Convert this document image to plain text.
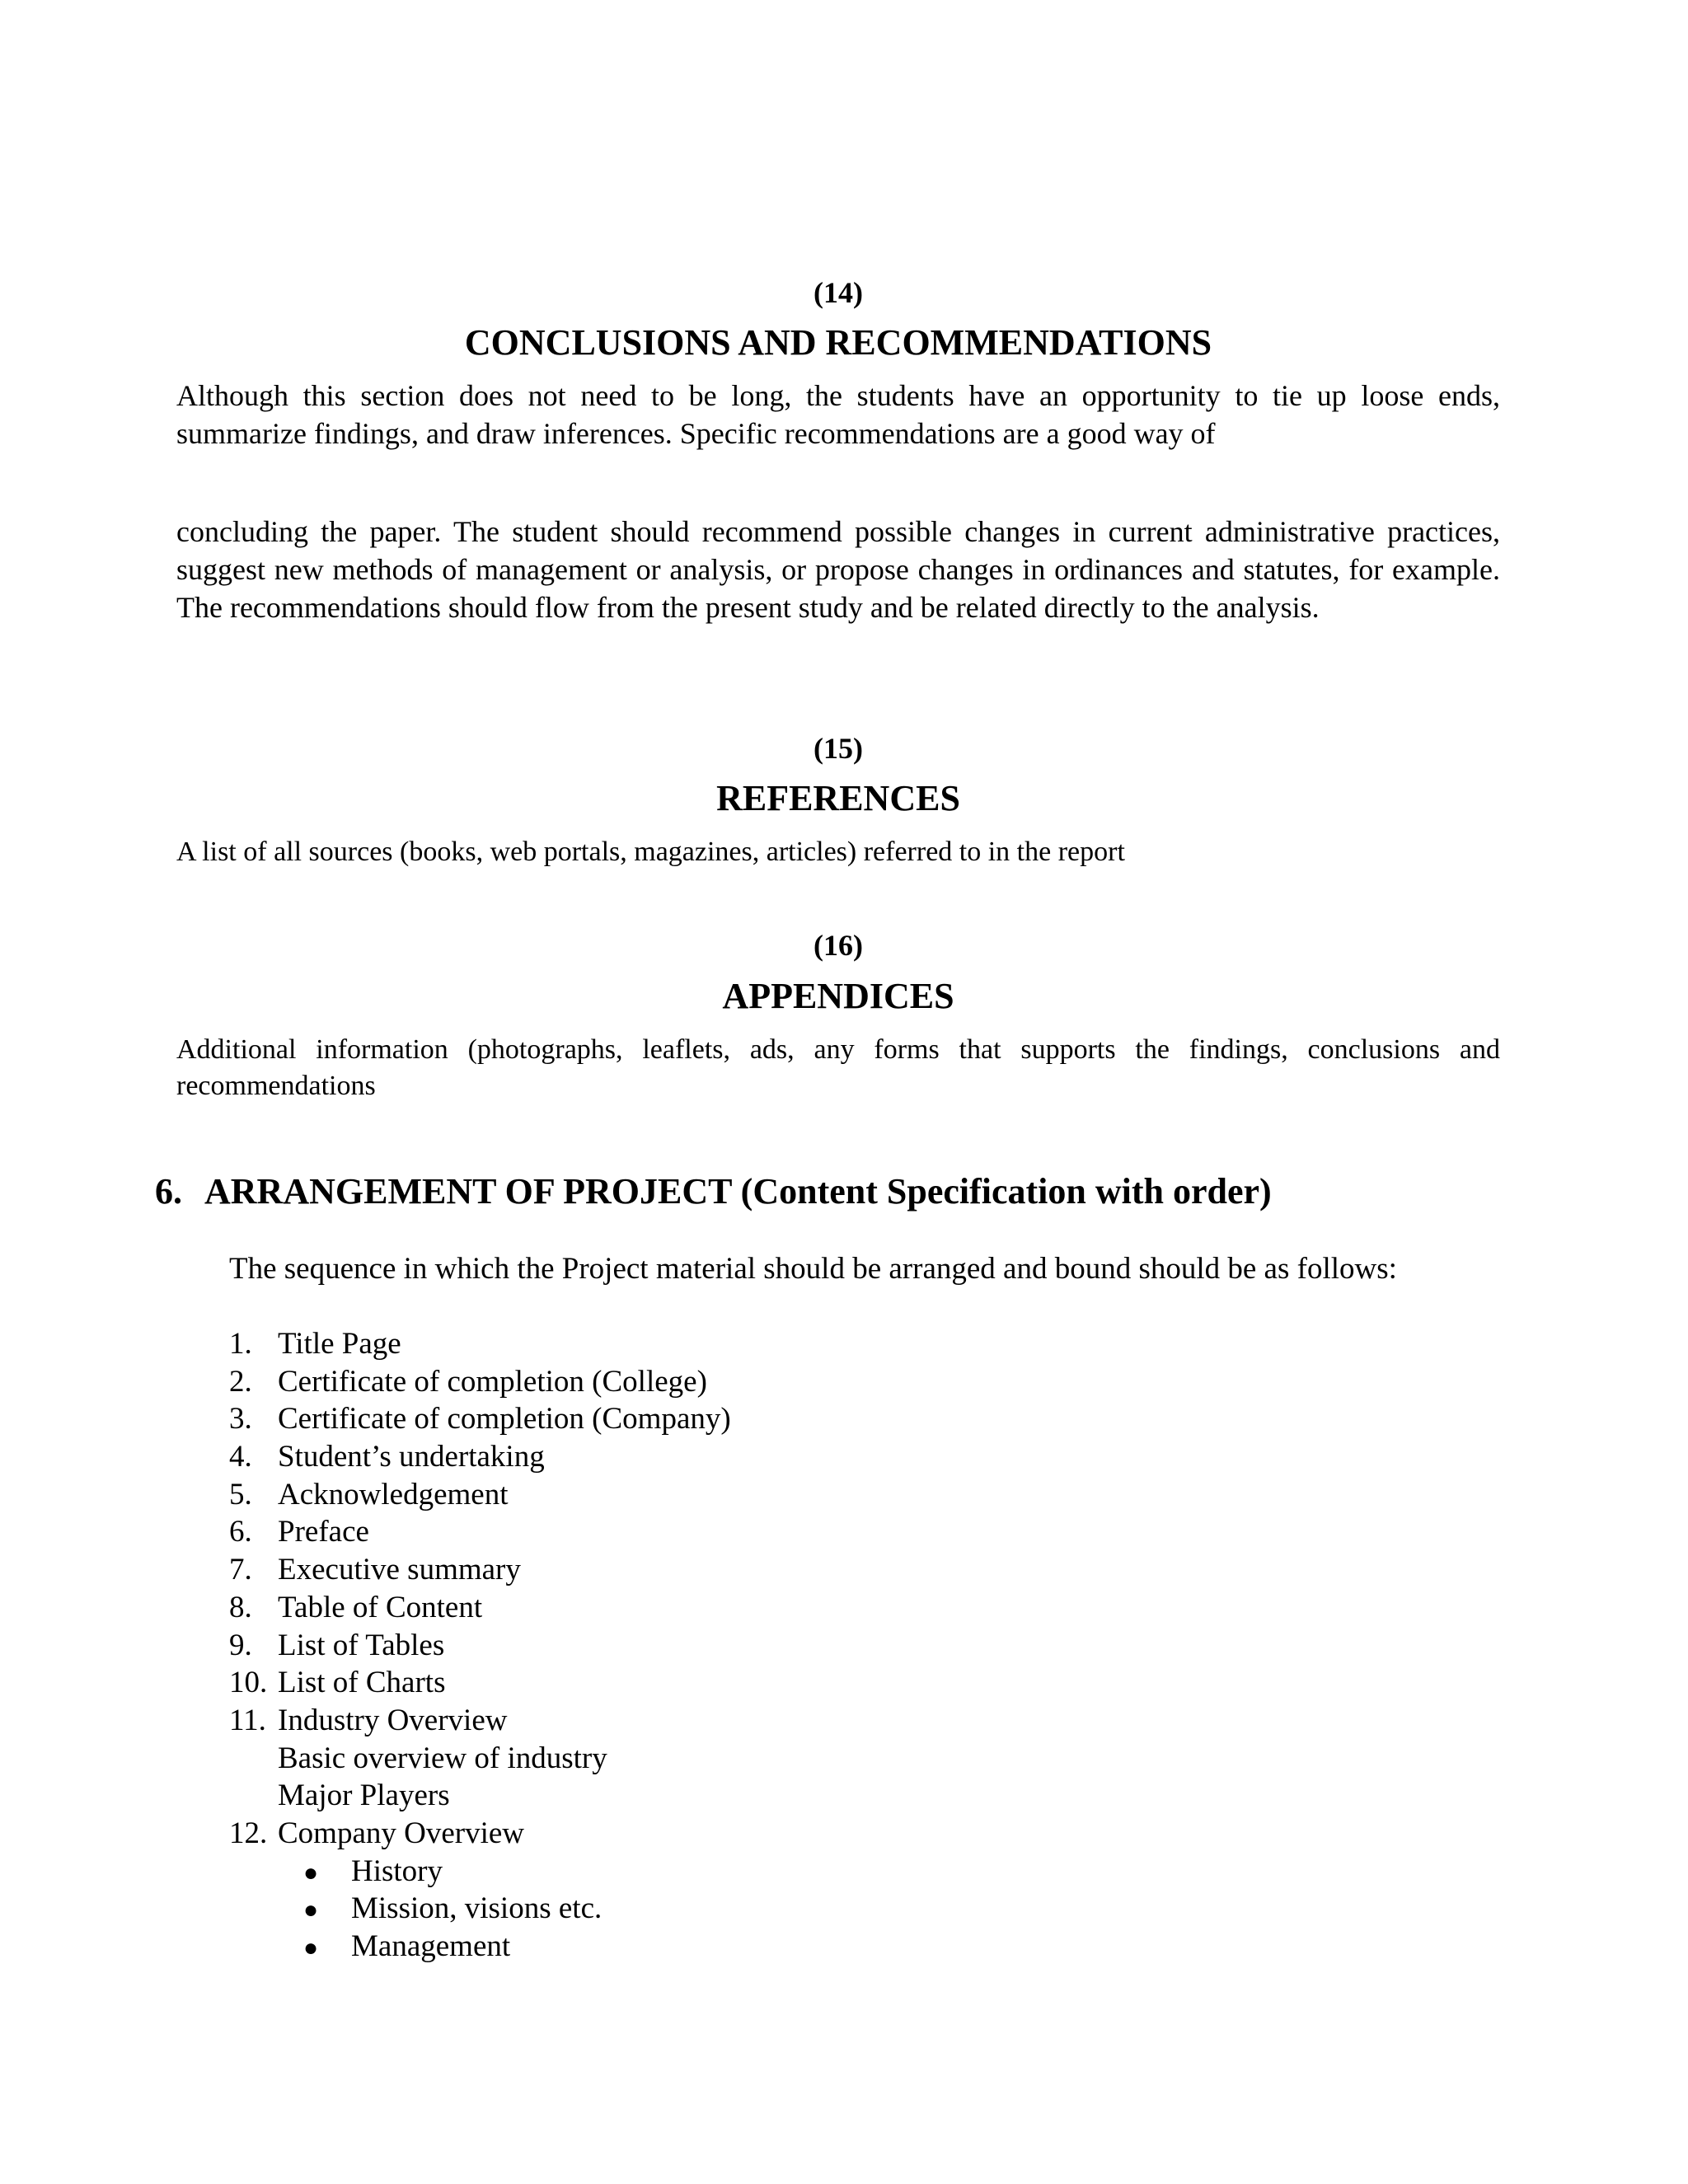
(14)
CONCLUSIONS AND RECOMMENDATIONS

Although this section does not need to be long, the students have an opportunity to tie up loose ends, summarize findings, and draw inferences. Specific recommendations are a good way of

concluding the paper. The student should recommend possible changes in current administrative practices, suggest new methods of management or analysis, or propose changes in ordinances and statutes, for example. The recommendations should flow from the present study and be related directly to the analysis.

(15)
REFERENCES

A list of all sources (books, web portals, magazines, articles) referred to in the report

(16)
APPENDICES

Additional information (photographs, leaflets, ads, any forms that supports the findings, conclusions and recommendations

6. ARRANGEMENT OF PROJECT (Content Specification with order)
The sequence in which the Project material should be arranged and bound should be as follows:
1. Title Page
2. Certificate of completion (College)
3. Certificate of completion (Company)
4. Student’s undertaking
5. Acknowledgement
6. Preface
7. Executive summary
8. Table of Content
9. List of Tables
10. List of Charts
11. Industry Overview
Basic overview of industry
Major Players
12. Company Overview
● History
● Mission, visions etc.
● Management
